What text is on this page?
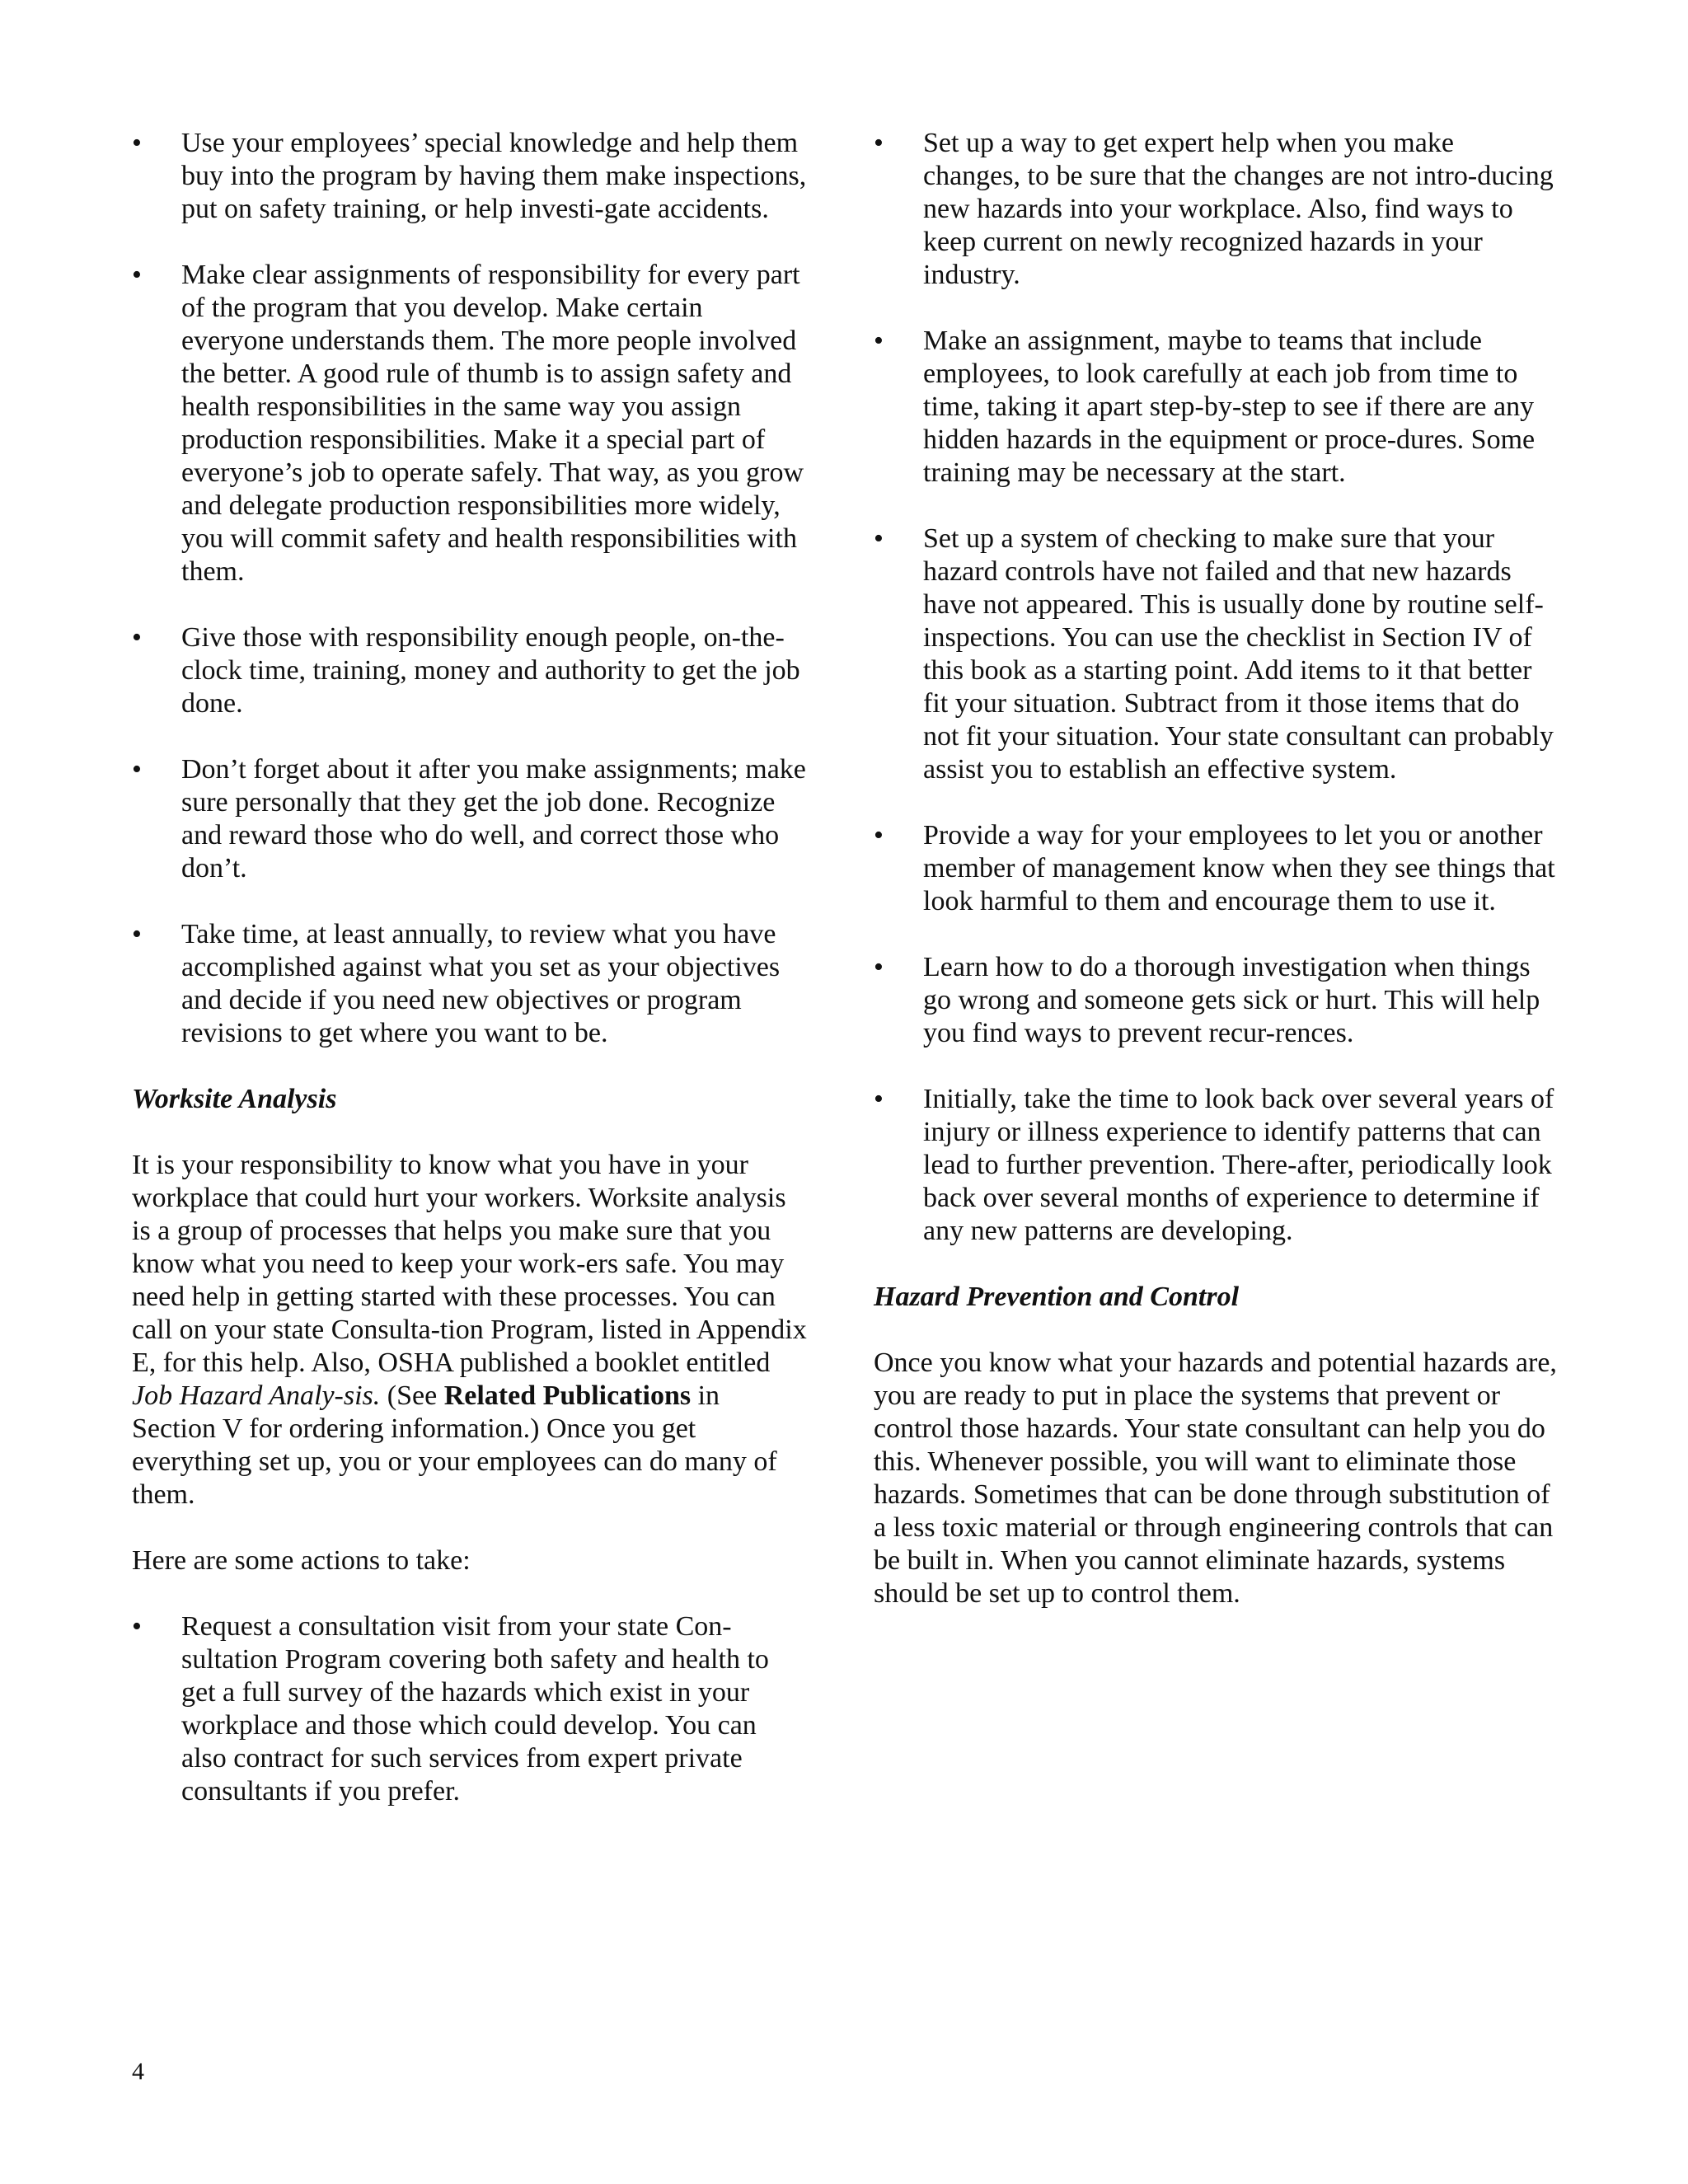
•	Use your employees’ special knowledge and help them buy into the program by having them make inspections, put on safety training, or help investi-gate accidents.
•	Make clear assignments of responsibility for every part of the program that you develop. Make certain everyone understands them. The more people involved the better. A good rule of thumb is to assign safety and health responsibilities in the same way you assign production responsibilities. Make it a special part of everyone’s job to operate safely. That way, as you grow and delegate production responsibilities more widely, you will commit safety and health responsibilities with them.
•	Give those with responsibility enough people, on-the-clock time, training, money and authority to get the job done.
•	Don’t forget about it after you make assignments; make sure personally that they get the job done. Recognize and reward those who do well, and correct those who don’t.
•	Take time, at least annually, to review what you have accomplished against what you set as your objectives and decide if you need new objectives or program revisions to get where you want to be.
Worksite Analysis

It is your responsibility to know what you have in your workplace that could hurt your workers. Worksite analysis is a group of processes that helps you make sure that you know what you need to keep your work-ers safe. You may need help in getting started with these processes. You can call on your state Consulta-tion Program, listed in Appendix E, for this help. Also, OSHA published a booklet entitled Job Hazard Analy-sis. (See Related Publications in Section V for ordering information.) Once you get everything set up, you or your employees can do many of them.

Here are some actions to take:

•	Request a consultation visit from your state Con-sultation Program covering both safety and health to get a full survey of the hazards which exist in your workplace and those which could develop. You can also contract for such services from expert private consultants if you prefer.
•	Set up a way to get expert help when you make changes, to be sure that the changes are not intro-ducing new hazards into your workplace. Also, find ways to keep current on newly recognized hazards in your industry.
•	Make an assignment, maybe to teams that include employees, to look carefully at each job from time to time, taking it apart step-by-step to see if there are any hidden hazards in the equipment or proce-dures. Some training may be necessary at the start.
•	Set up a system of checking to make sure that your hazard controls have not failed and that new hazards have not appeared. This is usually done by routine self-inspections. You can use the checklist in Section IV of this book as a starting point. Add items to it that better fit your situation. Subtract from it those items that do not fit your situation. Your state consultant can probably assist you to establish an effective system.
•	Provide a way for your employees to let you or another member of management know when they see things that look harmful to them and encourage them to use it.
•	Learn how to do a thorough investigation when things go wrong and someone gets sick or hurt. This will help you find ways to prevent recur-rences.
•	Initially, take the time to look back over several years of injury or illness experience to identify patterns that can lead to further prevention. There-after, periodically look back over several months of experience to determine if any new patterns are developing.
Hazard Prevention and Control

Once you know what your hazards and potential hazards are, you are ready to put in place the systems that prevent or control those hazards. Your state consultant can help you do this. Whenever possible, you will want to eliminate those hazards. Sometimes that can be done through substitution of a less toxic material or through engineering controls that can be built in. When you cannot eliminate hazards, systems should be set up to control them.

4
